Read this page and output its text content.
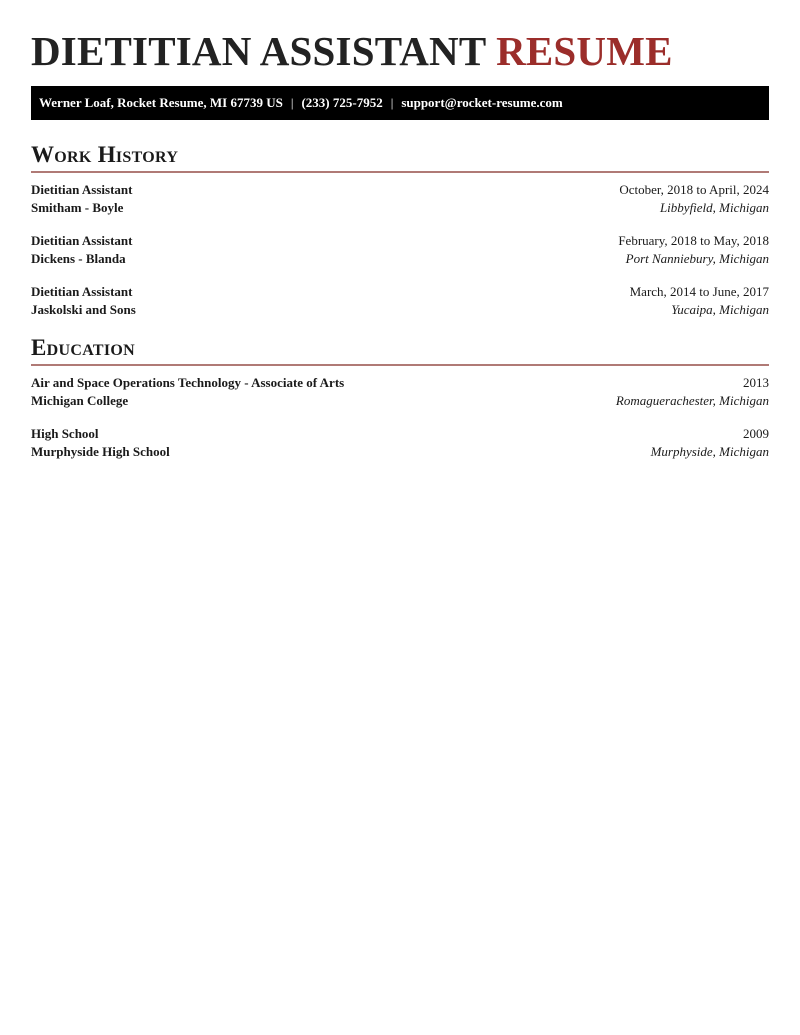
DIETITIAN ASSISTANT RESUME
Werner Loaf, Rocket Resume, MI 67739 US | (233) 725-7952 | support@rocket-resume.com
Work History
Dietitian Assistant	October, 2018 to April, 2024
Smitham - Boyle	Libbyfield, Michigan
Dietitian Assistant	February, 2018 to May, 2018
Dickens - Blanda	Port Nanniebury, Michigan
Dietitian Assistant	March, 2014 to June, 2017
Jaskolski and Sons	Yucaipa, Michigan
Education
Air and Space Operations Technology - Associate of Arts	2013
Michigan College	Romaguerachester, Michigan
High School	2009
Murphyside High School	Murphyside, Michigan
